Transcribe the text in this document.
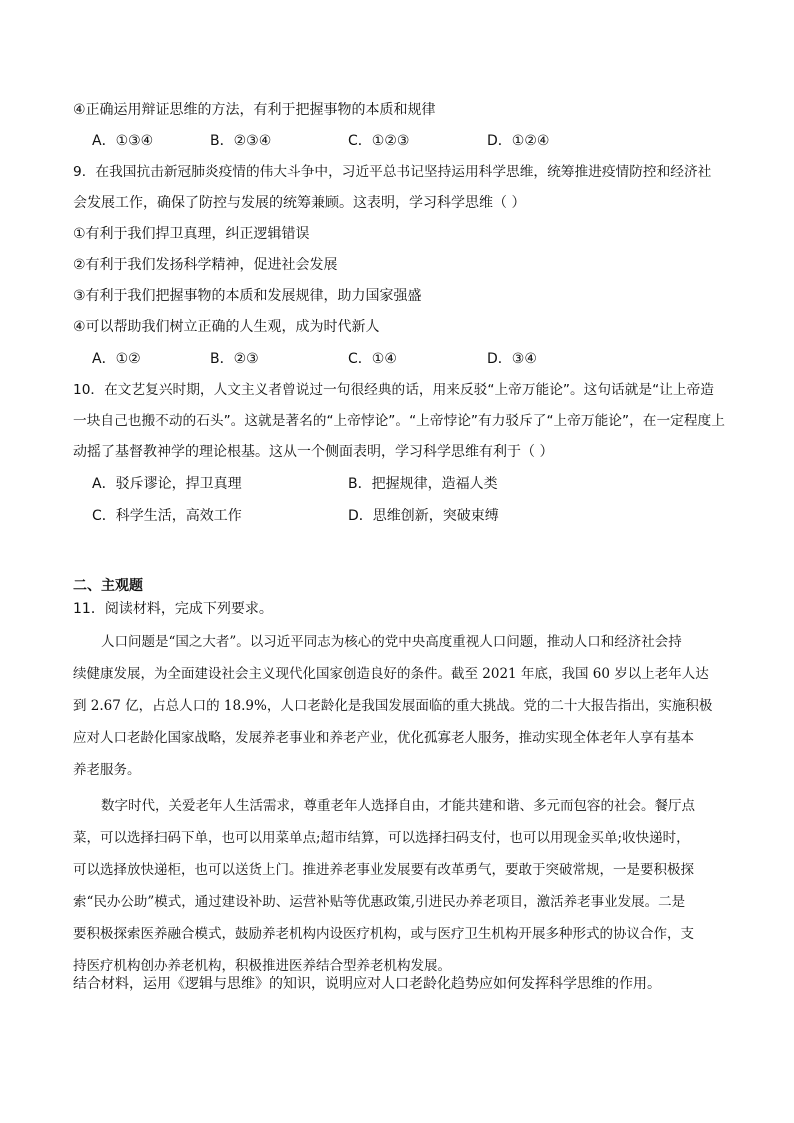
④正确运用辩证思维的方法，有利于把握事物的本质和规律
A．①③④	B．②③④	C．①②③	D．①②④
9．在我国抗击新冠肺炎疫情的伟大斗争中，习近平总书记坚持运用科学思维，统筹推进疫情防控和经济社
会发展工作，确保了防控与发展的统筹兼顾。这表明，学习科学思维（ ）
①有利于我们捍卫真理，纠正逻辑错误
②有利于我们发扬科学精神，促进社会发展
③有利于我们把握事物的本质和发展规律，助力国家强盛
④可以帮助我们树立正确的人生观，成为时代新人
A．①②	B．②③	C．①④	D．③④
10．在文艺复兴时期，人文主义者曾说过一句很经典的话，用来反驳“上帝万能论”。这句话就是“让上帝造
一块自己也搬不动的石头”。这就是著名的“上帝悖论”。“上帝悖论”有力驳斥了“上帝万能论”，在一定程度上
动摇了基督教神学的理论根基。这从一个侧面表明，学习科学思维有利于（ ）
A．驳斥谬论，捍卫真理	B．把握规律，造福人类
C．科学生活，高效工作	D．思维创新，突破束缚
二、主观题
11．阅读材料，完成下列要求。
人口问题是“国之大者”。以习近平同志为核心的党中央高度重视人口问题，推动人口和经济社会持
续健康发展，为全面建设社会主义现代化国家创造良好的条件。截至 2021 年底，我国 60 岁以上老年人达
到 2.67 亿，占总人口的 18.9%，人口老龄化是我国发展面临的重大挑战。党的二十大报告指出，实施积极
应对人口老龄化国家战略，发展养老事业和养老产业，优化孤寡老人服务，推动实现全体老年人享有基本
养老服务。
数字时代，关爱老年人生活需求，尊重老年人选择自由，才能共建和谐、多元而包容的社会。餐厅点
菜，可以选择扫码下单，也可以用菜单点;超市结算，可以选择扫码支付，也可以用现金买单;收快递时，
可以选择放快递柜，也可以送货上门。推进养老事业发展要有改革勇气，要敢于突破常规，一是要积极探
索“民办公助”模式，通过建设补助、运营补贴等优惠政策,引进民办养老项目，激活养老事业发展。二是
要积极探索医养融合模式，鼓励养老机构内设医疗机构，或与医疗卫生机构开展多种形式的协议合作，支
持医疗机构创办养老机构，积极推进医养结合型养老机构发展。
结合材料，运用《逻辑与思维》的知识，说明应对人口老龄化趋势应如何发挥科学思维的作用。
